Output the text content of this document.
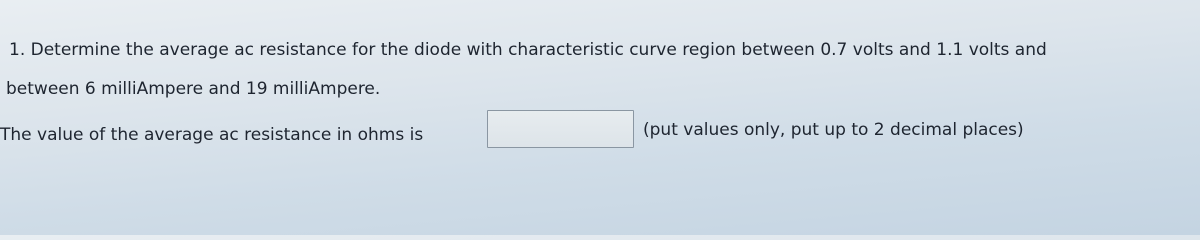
1. Determine the average ac resistance for the diode with characteristic curve region between 0.7 volts and 1.1 volts and
between 6 milliAmpere and 19 milliAmpere.
The value of the average ac resistance in ohms is	(put values only, put up to 2 decimal places)
